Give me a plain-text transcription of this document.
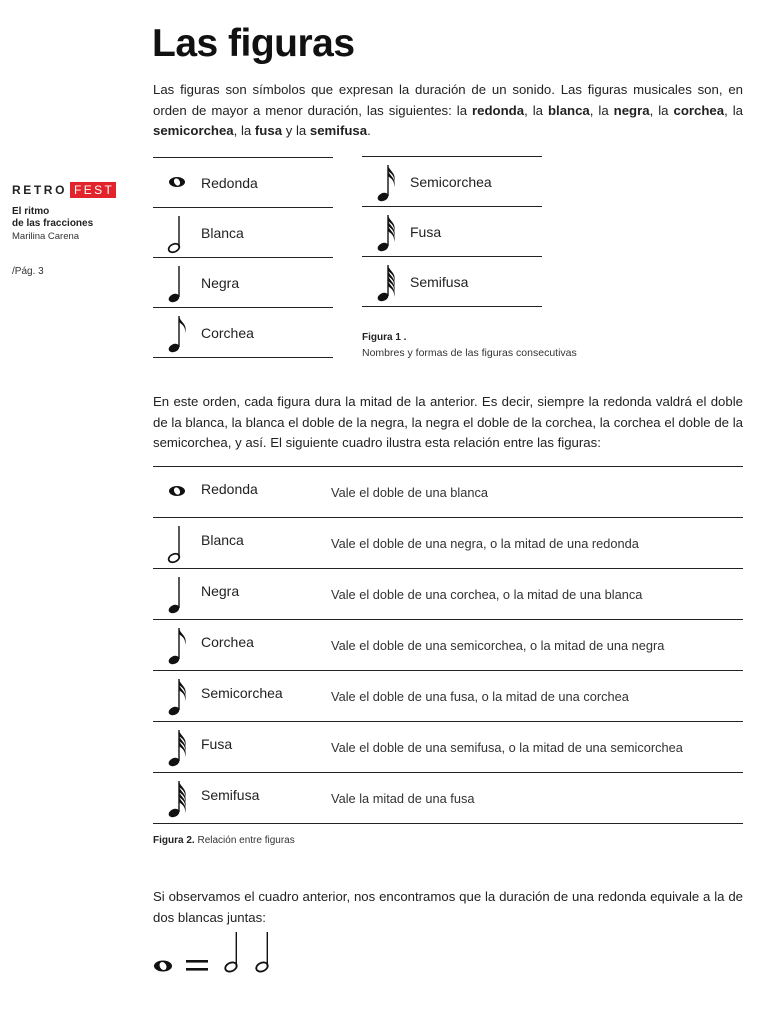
RETRO FEST
El ritmo
de las fracciones
Marilina Carena
/Pág. 3
Las figuras

Las figuras son símbolos que expresan la duración de un sonido. Las figuras musicales son, en orden de mayor a menor duración, las siguientes: la redonda, la blanca, la negra, la corchea, la semicorchea, la fusa y la semifusa.

Redonda
Blanca
Negra
Corchea
Semicorchea
Fusa
Semifusa
Figura 1 .
Nombres y formas de las figuras consecutivas

En este orden, cada figura dura la mitad de la anterior. Es decir, siempre la redonda valdrá el doble de la blanca, la blanca el doble de la negra, la negra el doble de la corchea, la corchea el doble de la semicorchea, y así. El siguiente cuadro ilustra esta relación entre las figuras:

Redonda	Vale el doble de una blanca
Blanca	Vale el doble de una negra, o la mitad de una redonda
Negra	Vale el doble de una corchea, o la mitad de una blanca
Corchea	Vale el doble de una semicorchea, o la mitad de una negra
Semicorchea	Vale el doble de una fusa, o la mitad de una corchea
Fusa	Vale el doble de una semifusa, o la mitad de una semicorchea
Semifusa	Vale la mitad de una fusa
Figura 2. Relación entre figuras

Si observamos el cuadro anterior, nos encontramos que la duración de una redonda equivale a la de dos blancas juntas:
